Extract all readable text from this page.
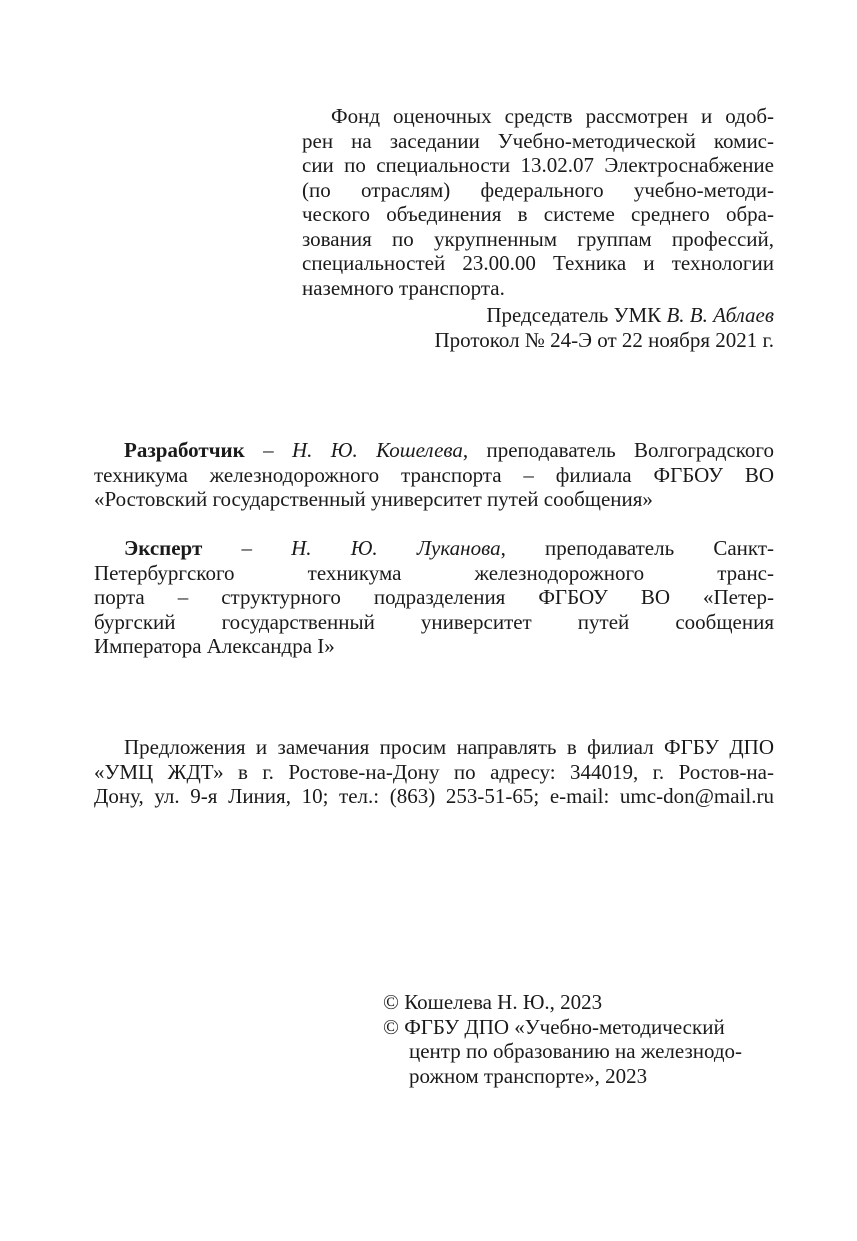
Фонд оценочных средств рассмотрен и одоб-
рен на заседании Учебно-методической комис-
сии по специальности 13.02.07 Электроснабжение
(по отраслям) федерального учебно-методи-
ческого объединения в системе среднего обра-
зования по укрупненным группам профессий,
специальностей 23.00.00 Техника и технологии
наземного транспорта.
Председатель УМК В. В. Аблаев
Протокол № 24-Э от 22 ноября 2021 г.
Разработчик – Н. Ю. Кошелева, преподаватель Волгоградского
техникума железнодорожного транспорта – филиала ФГБОУ ВО
«Ростовский государственный университет путей сообщения»
Эксперт – Н. Ю. Луканова, преподаватель Санкт-
Петербургского техникума железнодорожного транс-
порта – структурного подразделения ФГБОУ ВО «Петер-
бургский государственный университет путей сообщения
Императора Александра I»
Предложения и замечания просим направлять в филиал ФГБУ ДПО
«УМЦ ЖДТ» в г. Ростове-на-Дону по адресу: 344019, г. Ростов-на-
Дону, ул. 9-я Линия, 10; тел.: (863) 253-51-65; e-mail: umc-don@mail.ru
© Кошелева Н. Ю., 2023
© ФГБУ ДПО «Учебно-методический
центр по образованию на железнодо-
рожном транспорте», 2023
